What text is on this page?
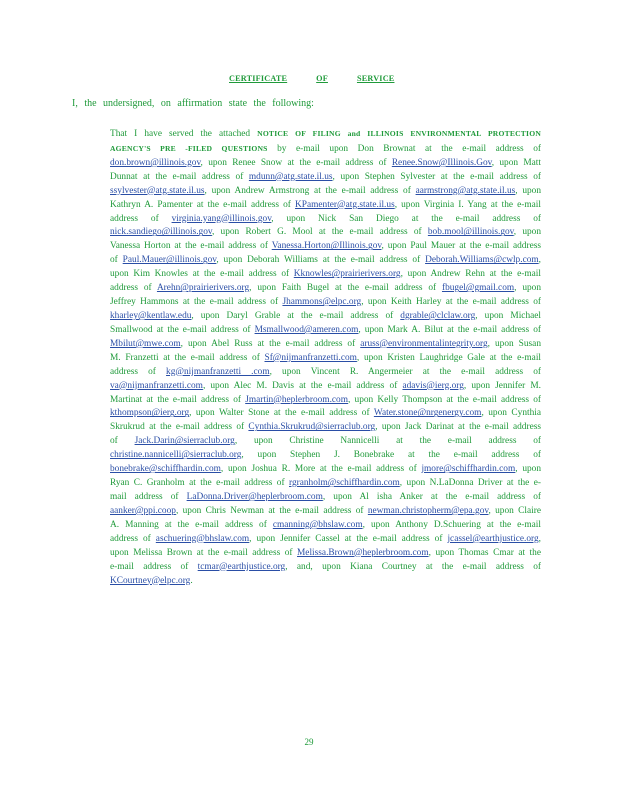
CERTIFICATE	OF	SERVICE
I, the undersigned, on affirmation state the following:
That I have served the attached NOTICE OF FILING and ILLINOIS ENVIRONMENTAL PROTECTION AGENCY'S PRE -FILED QUESTIONS by e-mail upon Don Brownat at the e-mail address of don.brown@illinois.gov, upon Renee Snow at the e-mail address of Renee.Snow@Illinois.Gov, upon Matt Dunnat at the e-mail address of mdunn@atg.state.il.us, upon Stephen Sylvester at the e-mail address of ssylvester@atg.state.il.us, upon Andrew Armstrong at the e-mail address of aarmstrong@atg.state.il.us, upon Kathryn A. Pamenter at the e-mail address of KPamenter@atg.state.il.us, upon Virginia I. Yang at the e-mail address of virginia.yang@illinois.gov, upon Nick San Diego at the e-mail address of nick.sandiego@illinois.gov, upon Robert G. Mool at the e-mail address of bob.mool@illinois.gov, upon Vanessa Horton at the e-mail address of Vanessa.Horton@Illinois.gov, upon Paul Mauer at the e-mail address of Paul.Mauer@illinois.gov, upon Deborah Williams at the e-mail address of Deborah.Williams@cwlp.com, upon Kim Knowles at the e-mail address of Kknowles@prairierivers.org, upon Andrew Rehn at the e-mail address of Arehn@prairierivers.org, upon Faith Bugel at the e-mail address of fbugel@gmail.com, upon Jeffrey Hammons at the e-mail address of Jhammons@elpc.org, upon Keith Harley at the e-mail address of kharley@kentlaw.edu, upon Daryl Grable at the e-mail address of dgrable@clclaw.org, upon Michael Smallwood at the e-mail address of Msmallwood@ameren.com, upon Mark A. Bilut at the e-mail address of Mbilut@mwe.com, upon Abel Russ at the e-mail address of aruss@environmentalintegrity.org, upon Susan M. Franzetti at the e-mail address of Sf@nijmanfranzetti.com, upon Kristen Laughridge Gale at the e-mail address of kg@nijmanfranzetti .com, upon Vincent R. Angermeier at the e-mail address of va@nijmanfranzetti.com, upon Alec M. Davis at the e-mail address of adavis@ierg.org, upon Jennifer M. Martinat at the e-mail address of Jmartin@heplerbroom.com, upon Kelly Thompson at the e-mail address of kthompson@ierg.org, upon Walter Stone at the e-mail address of Water.stone@nrgenergy.com, upon Cynthia Skrukrud at the e-mail address of Cynthia.Skrukrud@sierraclub.org, upon Jack Darinat at the e-mail address of Jack.Darin@sierraclub.org, upon Christine Nannicelli at the e-mail address of christine.nannicelli@sierraclub.org, upon Stephen J. Bonebrake at the e-mail address of bonebrake@schiffhardin.com, upon Joshua R. More at the e-mail address of jmore@schiffhardin.com, upon Ryan C. Granholm at the e-mail address of rgranholm@schiffhardin.com, upon N.LaDonna Driver at the e-mail address of LaDonna.Driver@heplerbroom.com, upon Al isha Anker at the e-mail address of aanker@ppi.coop, upon Chris Newman at the e-mail address of newman.christopherm@epa.gov, upon Claire A. Manning at the e-mail address of cmanning@bhslaw.com, upon Anthony D.Schuering at the e-mail address of aschuering@bhslaw.com, upon Jennifer Cassel at the e-mail address of jcassel@earthjustice.org, upon Melissa Brown at the e-mail address of Melissa.Brown@heplerbroom.com, upon Thomas Cmar at the e-mail address of tcmar@earthjustice.org, and, upon Kiana Courtney at the e-mail address of KCourtney@elpc.org.
29
